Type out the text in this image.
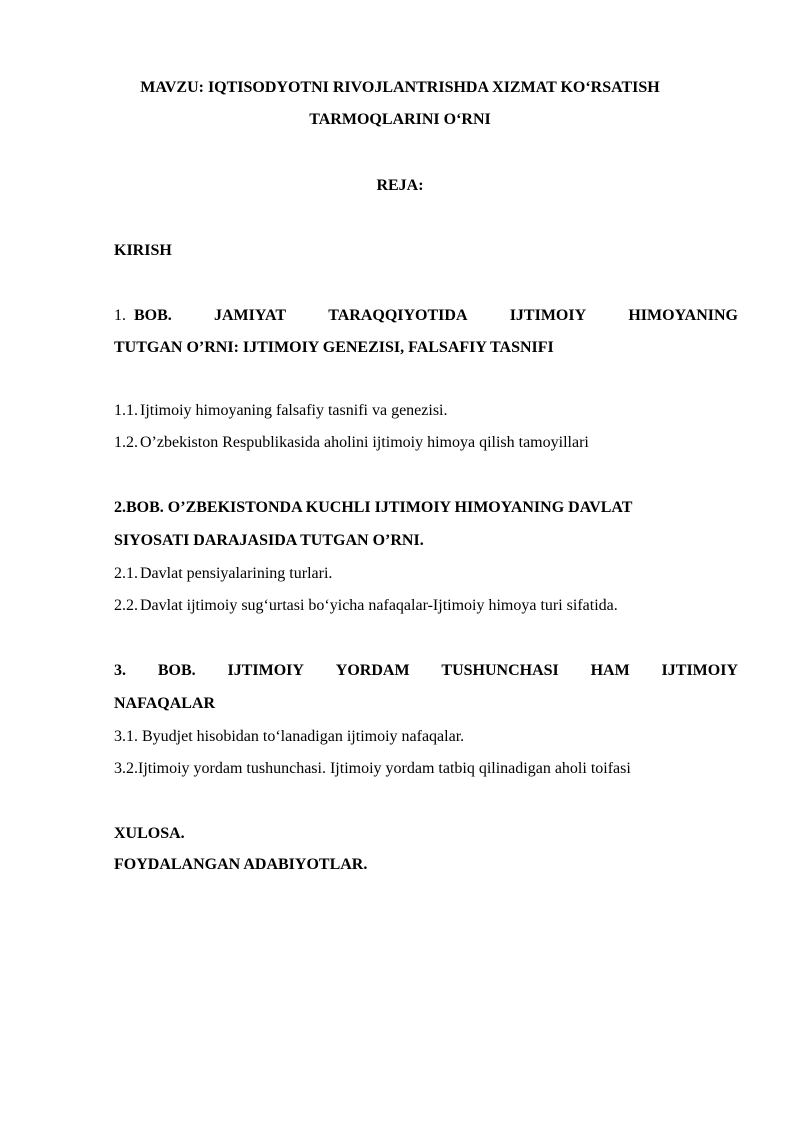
MAVZU: IQTISODYOTNI RIVOJLANTRISHDA XIZMAT KO‘RSATISH
TARMOQLARINI O‘RNI
REJA:
KIRISH
1. BOB.	JAMIYAT	TARAQQIYOTIDA	IJTIMOIY	HIMOYANING
TUTGAN O’RNI: IJTIMOIY GENEZISI, FALSAFIY TASNIFI
1.1. Ijtimoiy himoyaning falsafiy tasnifi va genezisi.
1.2. O’zbekiston Respublikasida aholini ijtimoiy himoya qilish tamoyillari
2.BOB. O’ZBEKISTONDA KUCHLI IJTIMOIY HIMOYANING DAVLAT
SIYOSATI DARAJASIDA TUTGAN O’RNI.
2.1. Davlat pensiyalarining turlari.
2.2. Davlat ijtimoiy sug‘urtasi bo‘yicha nafaqalar-Ijtimoiy himoya turi sifatida.
3. BOB. IJTIMOIY YORDAM TUSHUNCHASI HAM IJTIMOIY
NAFAQALAR
3.1. Byudjet hisobidan to‘lanadigan ijtimoiy nafaqalar.
3.2.Ijtimoiy yordam tushunchasi. Ijtimoiy yordam tatbiq qilinadigan aholi toifasi
XULOSA.
FOYDALANGAN ADABIYOTLAR.
